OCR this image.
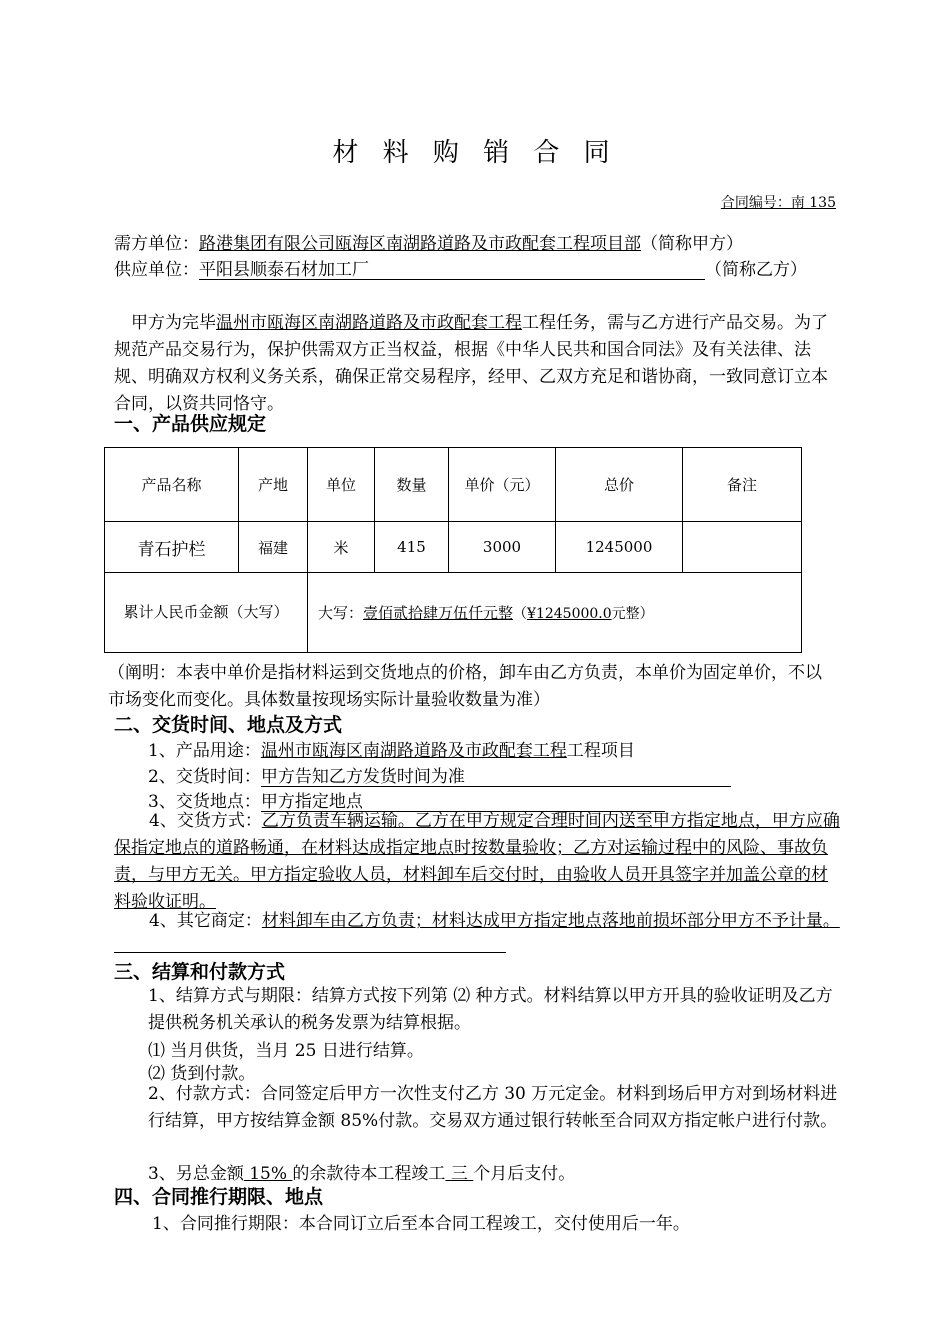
材 料 购 销 合 同
合同编号：南 135
需方单位：路港集团有限公司瓯海区南湖路道路及市政配套工程项目部（简称甲方）
供应单位：平阳县顺泰石材加工厂	（简称乙方）
甲方为完毕温州市瓯海区南湖路道路及市政配套工程工程任务，需与乙方进行产品交易。为了规范产品交易行为，保护供需双方正当权益，根据《中华人民共和国合同法》及有关法律、法规、明确双方权利义务关系，确保正常交易程序，经甲、乙双方充足和谐协商，一致同意订立本合同，以资共同恪守。
一、产品供应规定
产品名称	产地	单位	数量	单价（元）	总价	备注
青石护栏	福建	米	415	3000	1245000	
累计人民币金额（大写）		大写：壹佰贰拾肆万伍仟元整（¥1245000.0元整）				
（阐明：本表中单价是指材料运到交货地点的价格，卸车由乙方负责，本单价为固定单价，不以市场变化而变化。具体数量按现场实际计量验收数量为准）
二、交货时间、地点及方式
1、产品用途：温州市瓯海区南湖路道路及市政配套工程工程项目
2、交货时间：甲方告知乙方发货时间为准
3、交货地点：甲方指定地点
4、交货方式：乙方负责车辆运输。乙方在甲方规定合理时间内送至甲方指定地点，甲方应确保指定地点的道路畅通，在材料达成指定地点时按数量验收；乙方对运输过程中的风险、事故负责，与甲方无关。甲方指定验收人员，材料卸车后交付时，由验收人员开具签字并加盖公章的材料验收证明。
4、其它商定：材料卸车由乙方负责；材料达成甲方指定地点落地前损坏部分甲方不予计量。
三、结算和付款方式
1、结算方式与期限：结算方式按下列第 ⑵ 种方式。材料结算以甲方开具的验收证明及乙方提供税务机关承认的税务发票为结算根据。
⑴ 当月供货，当月 25 日进行结算。
⑵ 货到付款。
2、付款方式：合同签定后甲方一次性支付乙方 30 万元定金。材料到场后甲方对到场材料进行结算，甲方按结算金额 85%付款。交易双方通过银行转帐至合同双方指定帐户进行付款。
3、另总金额 15% 的余款待本工程竣工 三 个月后支付。
四、合同推行期限、地点
1、合同推行期限：本合同订立后至本合同工程竣工，交付使用后一年。
